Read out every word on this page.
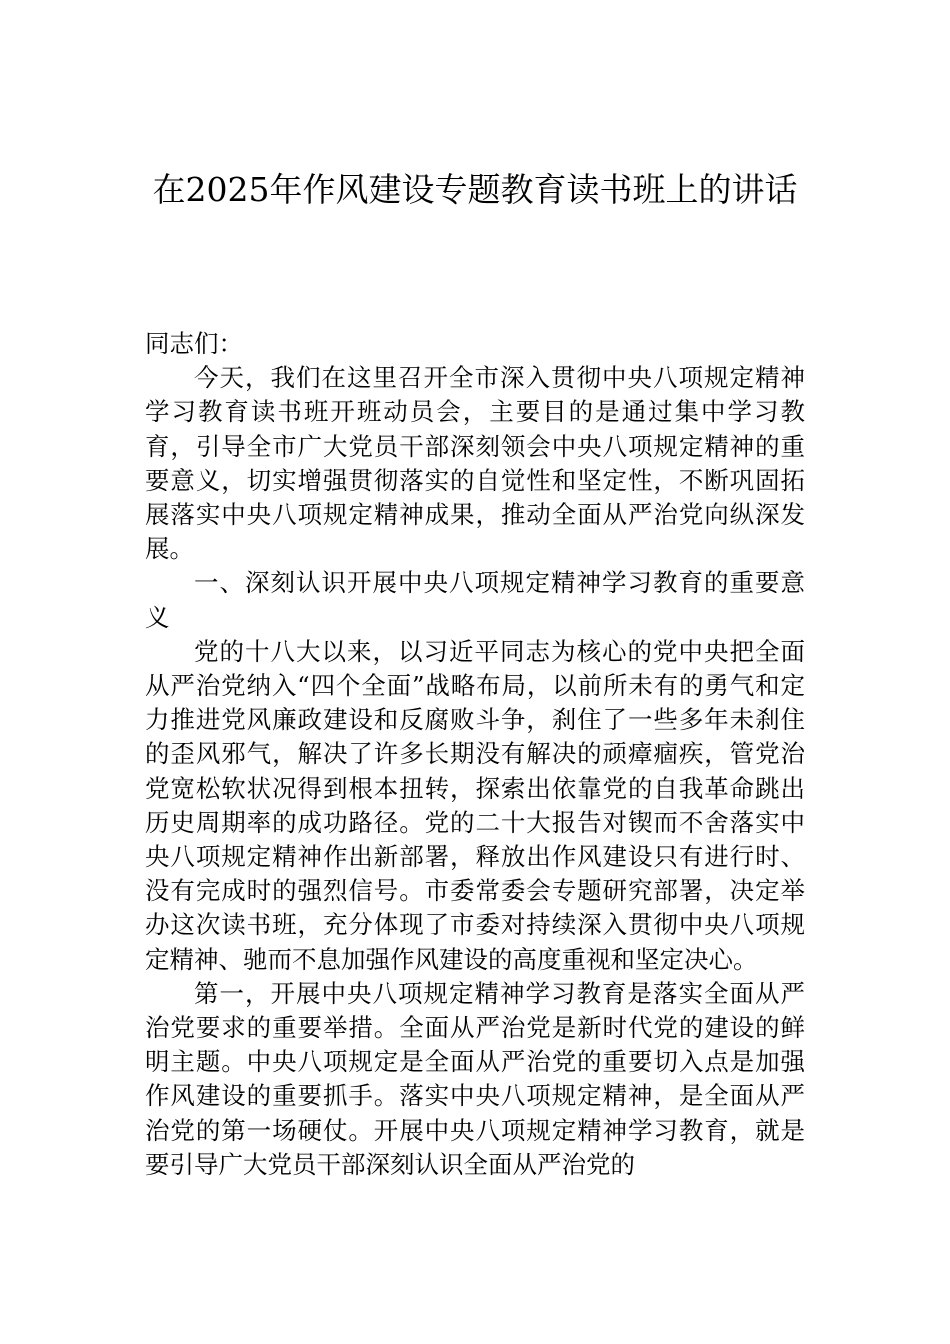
在2025年作风建设专题教育读书班上的讲话

同志们：

今天，我们在这里召开全市深入贯彻中央八项规定精神学习教育读书班开班动员会，主要目的是通过集中学习教育，引导全市广大党员干部深刻领会中央八项规定精神的重要意义，切实增强贯彻落实的自觉性和坚定性，不断巩固拓展落实中央八项规定精神成果，推动全面从严治党向纵深发展。

一、深刻认识开展中央八项规定精神学习教育的重要意义

党的十八大以来，以习近平同志为核心的党中央把全面从严治党纳入“四个全面”战略布局，以前所未有的勇气和定力推进党风廉政建设和反腐败斗争，刹住了一些多年未刹住的歪风邪气，解决了许多长期没有解决的顽瘴痼疾，管党治党宽松软状况得到根本扭转，探索出依靠党的自我革命跳出历史周期率的成功路径。党的二十大报告对锲而不舍落实中央八项规定精神作出新部署，释放出作风建设只有进行时、没有完成时的强烈信号。市委常委会专题研究部署，决定举办这次读书班，充分体现了市委对持续深入贯彻中央八项规定精神、驰而不息加强作风建设的高度重视和坚定决心。

第一，开展中央八项规定精神学习教育是落实全面从严治党要求的重要举措。全面从严治党是新时代党的建设的鲜明主题。中央八项规定是全面从严治党的重要切入点是加强作风建设的重要抓手。落实中央八项规定精神，是全面从严治党的第一场硬仗。开展中央八项规定精神学习教育，就是要引导广大党员干部深刻认识全面从严治党的
